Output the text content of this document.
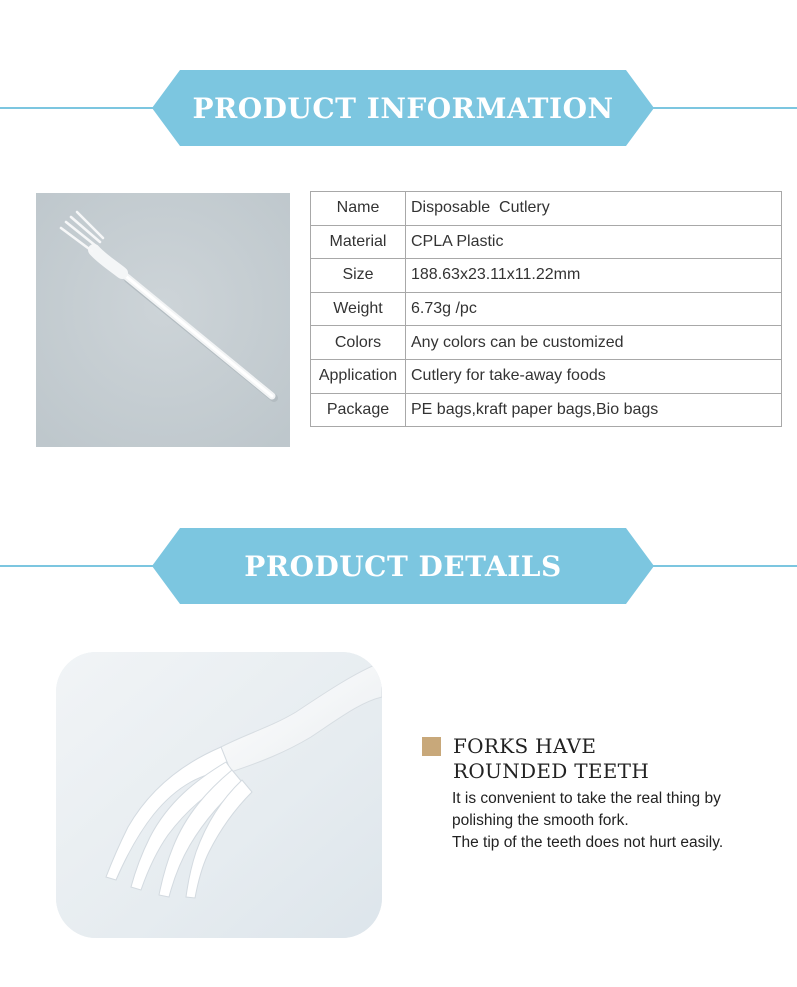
PRODUCT INFORMATION
Name	Disposable  Cutlery
Material	CPLA Plastic
Size	188.63x23.11x11.22mm
Weight	6.73g /pc
Colors	Any colors can be customized
Application	Cutlery for take-away foods
Package	PE bags,kraft paper bags,Bio bags
PRODUCT DETAILS
FORKS HAVE
ROUNDED TEETH
It is convenient to take the real thing by
polishing the smooth fork.
The tip of the teeth does not hurt easily.
